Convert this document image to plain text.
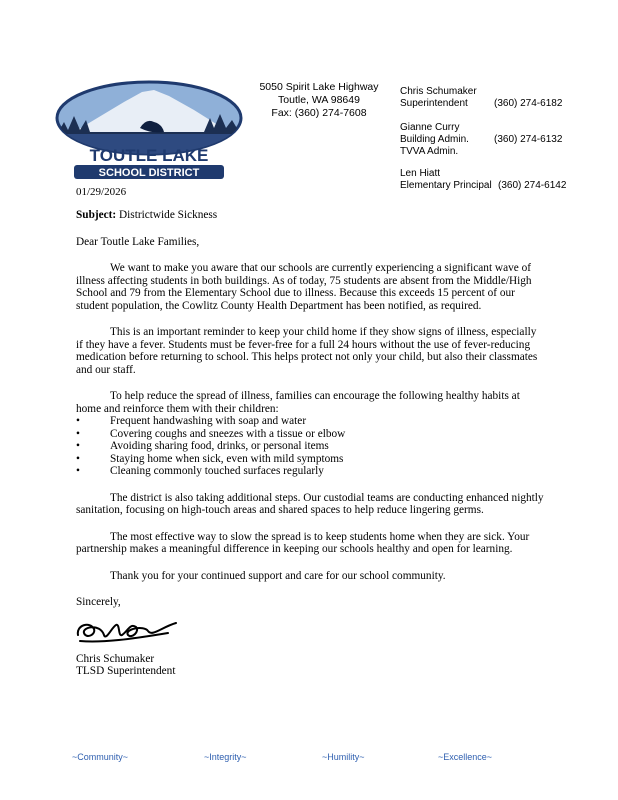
TOUTLE LAKE
SCHOOL DISTRICT
5050 Spirit Lake Highway
Toutle, WA 98649
Fax: (360) 274-7608
Chris Schumaker
Superintendent	(360) 274-6182
Gianne Curry
Building Admin.	(360) 274-6132
TVVA Admin.
Len Hiatt
Elementary Principal (360) 274-6142
01/29/2026

Subject: Districtwide Sickness

Dear Toutle Lake Families,

We want to make you aware that our schools are currently experiencing a significant wave of illness affecting students in both buildings. As of today, 75 students are absent from the Middle/High School and 79 from the Elementary School due to illness. Because this exceeds 15 percent of our student population, the Cowlitz County Health Department has been notified, as required.

This is an important reminder to keep your child home if they show signs of illness, especially if they have a fever. Students must be fever-free for a full 24 hours without the use of fever-reducing medication before returning to school. This helps protect not only your child, but also their classmates and our staff.

To help reduce the spread of illness, families can encourage the following healthy habits at home and reinforce them with their children:

•	Frequent handwashing with soap and water
•	Covering coughs and sneezes with a tissue or elbow
•	Avoiding sharing food, drinks, or personal items
•	Staying home when sick, even with mild symptoms
•	Cleaning commonly touched surfaces regularly

The district is also taking additional steps. Our custodial teams are conducting enhanced nightly sanitation, focusing on high-touch areas and shared spaces to help reduce lingering germs.

The most effective way to slow the spread is to keep students home when they are sick. Your partnership makes a meaningful difference in keeping our schools healthy and open for learning.

Thank you for your continued support and care for our school community.

Sincerely,

Chris Schumaker

TLSD Superintendent

~Community~	~Integrity~	~Humility~	~Excellence~
